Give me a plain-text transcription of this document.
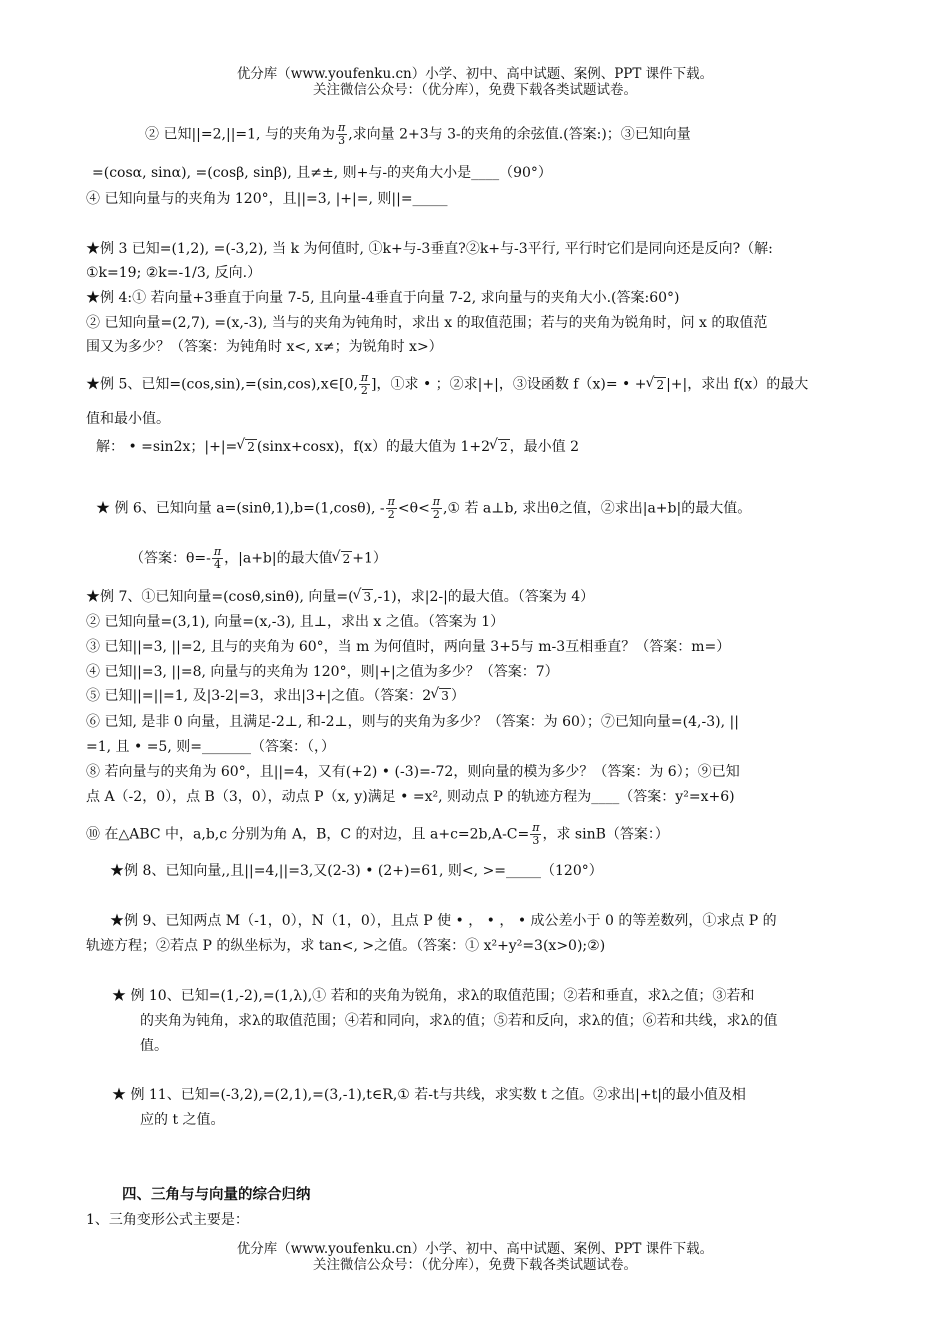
优分库（www.youfenku.cn）小学、初中、高中试题、案例、PPT 课件下载。
关注微信公众号：（优分库），免费下载各类试题试卷。
② 已知||=2,||=1, 与的夹角为 $\frac{\pi}{3}$ ,求向量 2+3与 3-的夹角的余弦值.(答案:)；③已知向量
=(cosα, sinα), =(cosβ, sinβ), 且≠±, 则+与-的夹角大小是____（90°）
④ 已知向量与的夹角为 120°，且||=3, |+|=, 则||=_____
★例 3 已知=(1,2), =(-3,2), 当 k 为何值时, ①k+与-3垂直?②k+与-3平行, 平行时它们是同向还是反向?（解:
①k=19; ②k=-1/3, 反向.）
★例 4:① 若向量+3垂直于向量 7-5, 且向量-4垂直于向量 7-2, 求向量与的夹角大小.(答案:60°)
② 已知向量=(2,7), =(x,-3), 当与的夹角为钝角时，求出 x 的取值范围；若与的夹角为锐角时，问 x 的取值范
围又为多少？（答案：为钝角时 x<, x≠；为锐角时 x>）
★例 5、已知=(cos,sin),=(sin,cos),x∈[0, $\frac{\pi}{2}$ ]，①求 • ；②求|+|，③设函数 f（x)= • + √ 2 |+|，求出 f(x）的最大
值和最小值。
解： • =sin2x；|+|= √ 2 (sinx+cosx)，f(x）的最大值为 1+2 √ 2 ，最小值 2
★ 例 6、已知向量 a=(sinθ,1),b=(1,cosθ), - $\frac{\pi}{2} <\theta< \frac{\pi}{2}$ ,① 若 a⊥b, 求出θ之值，②求出|a+b|的最大值。
（答案：$\theta=- \frac{\pi}{4}$ ，|a+b|的最大值 √ 2 +1）
★例 7、①已知向量=(cosθ,sinθ), 向量=( √ 3 ,-1)，求|2-|的最大值。（答案为 4）
② 已知向量=(3,1), 向量=(x,-3), 且⊥，求出 x 之值。（答案为 1）
③ 已知||=3, ||=2, 且与的夹角为 60°，当 m 为何值时，两向量 3+5与 m-3互相垂直？（答案：m=）
④ 已知||=3, ||=8, 向量与的夹角为 120°，则|+|之值为多少？（答案：7）
⑤ 已知||=||=1, 及|3-2|=3，求出|3+|之值。（答案：2 √ 3 ）
⑥ 已知, 是非 0 向量，且满足-2⊥, 和-2⊥，则与的夹角为多少？（答案：为 60）；⑦已知向量=(4,-3), ||
=1, 且 • =5, 则=_______（答案：（，）
⑧ 若向量与的夹角为 60°，且||=4，又有(+2) • (-3)=-72，则向量的模为多少？（答案：为 6）；⑨已知
点 A（-2，0），点 B（3，0），动点 P（x, y)满足 • =x², 则动点 P 的轨迹方程为____（答案：y²=x+6)
⑩ 在△ABC 中，a,b,c 分别为角 A，B，C 的对边，且 $a+c=2b,A-C= \frac{\pi}{3}$ ，求 sinB（答案：）
★例 8、已知向量,,且||=4,||=3,又(2-3) • (2+)=61, 则<, >=_____（120°）
★例 9、已知两点 M（-1，0），N（1，0），且点 P 使 • ， • ， • 成公差小于 0 的等差数列，①求点 P 的
轨迹方程；②若点 P 的纵坐标为，求 tan<, >之值。（答案：① x²+y²=3(x>0);②)
★ 例 10、已知=(1,-2),=(1,λ),① 若和的夹角为锐角，求λ的取值范围；②若和垂直，求λ之值；③若和
的夹角为钝角，求λ的取值范围；④若和同向，求λ的值；⑤若和反向，求λ的值；⑥若和共线，求λ的值
值。
★ 例 11、已知=(-3,2),=(2,1),=(3,-1),t∈R,① 若-t与共线，求实数 t 之值。②求出|+t|的最小值及相
应的 t 之值。
四、三角与与向量的综合归纳
1、三角变形公式主要是：
优分库（www.youfenku.cn）小学、初中、高中试题、案例、PPT 课件下载。
关注微信公众号：（优分库），免费下载各类试题试卷。
